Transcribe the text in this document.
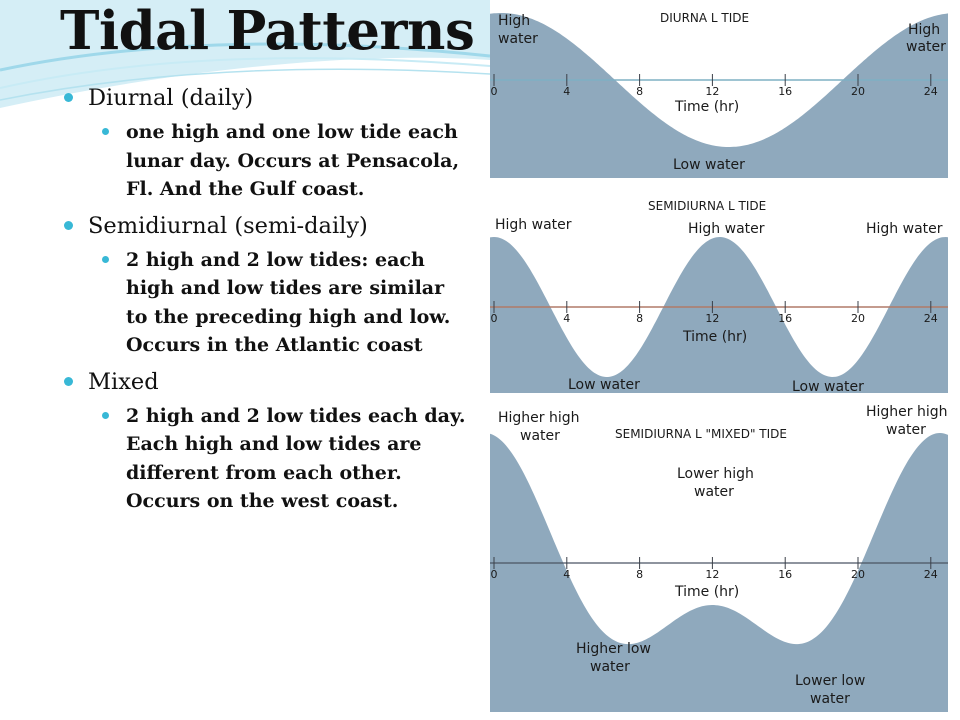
Tidal Patterns
Diurnal (daily)
one high and one low tide each lunar day. Occurs at Pensacola, Fl. And the Gulf coast.
Semidiurnal (semi-daily)
2 high and 2 low tides: each high and low tides are similar to the preceding high and low. Occurs in the Atlantic coast
Mixed
2 high and 2 low tides each day. Each high and low tides are different from each other. Occurs on the west coast.
DIURNA L TIDE
High
water
High
water
0	4	8	12	16	20	24
Time (hr)
Low water
SEMIDIURNA L TIDE
High water	High water	High water
0	4	8	12	16	20	24
Time (hr)
Low water	Low water
Higher high
water	SEMIDIURNA L "MIXED" TIDE
Higher high
water
Lower high
water
0	4	8	12	16	20	24
Time (hr)
Higher low
water
Lower low
water
